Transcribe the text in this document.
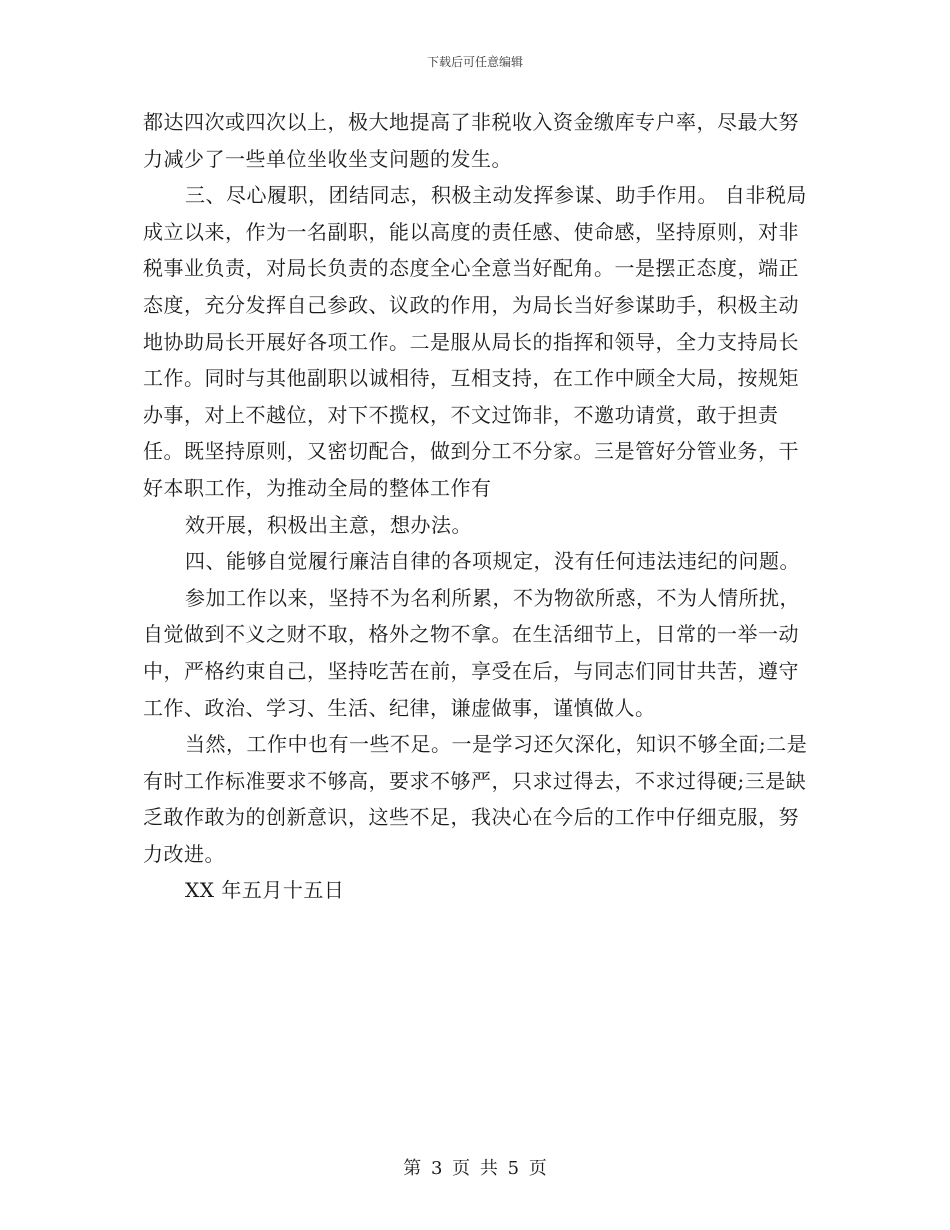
下载后可任意编辑

都达四次或四次以上，极大地提高了非税收入资金缴库专户率，尽最大努力减少了一些单位坐收坐支问题的发生。

三、尽心履职，团结同志，积极主动发挥参谋、助手作用。 自非税局成立以来，作为一名副职，能以高度的责任感、使命感，坚持原则，对非税事业负责，对局长负责的态度全心全意当好配角。一是摆正态度，端正态度，充分发挥自己参政、议政的作用，为局长当好参谋助手，积极主动地协助局长开展好各项工作。二是服从局长的指挥和领导，全力支持局长工作。同时与其他副职以诚相待，互相支持，在工作中顾全大局，按规矩办事，对上不越位，对下不揽权，不文过饰非，不邀功请赏，敢于担责任。既坚持原则，又密切配合，做到分工不分家。三是管好分管业务，干好本职工作，为推动全局的整体工作有

效开展，积极出主意，想办法。

四、能够自觉履行廉洁自律的各项规定，没有任何违法违纪的问题。

参加工作以来，坚持不为名利所累，不为物欲所惑，不为人情所扰，自觉做到不义之财不取，格外之物不拿。在生活细节上，日常的一举一动中，严格约束自己，坚持吃苦在前，享受在后，与同志们同甘共苦，遵守工作、政治、学习、生活、纪律，谦虚做事，谨慎做人。

当然，工作中也有一些不足。一是学习还欠深化，知识不够全面;二是有时工作标准要求不够高，要求不够严，只求过得去，不求过得硬;三是缺乏敢作敢为的创新意识，这些不足，我决心在今后的工作中仔细克服，努力改进。

XX 年五月十五日

第 3 页 共 5 页
